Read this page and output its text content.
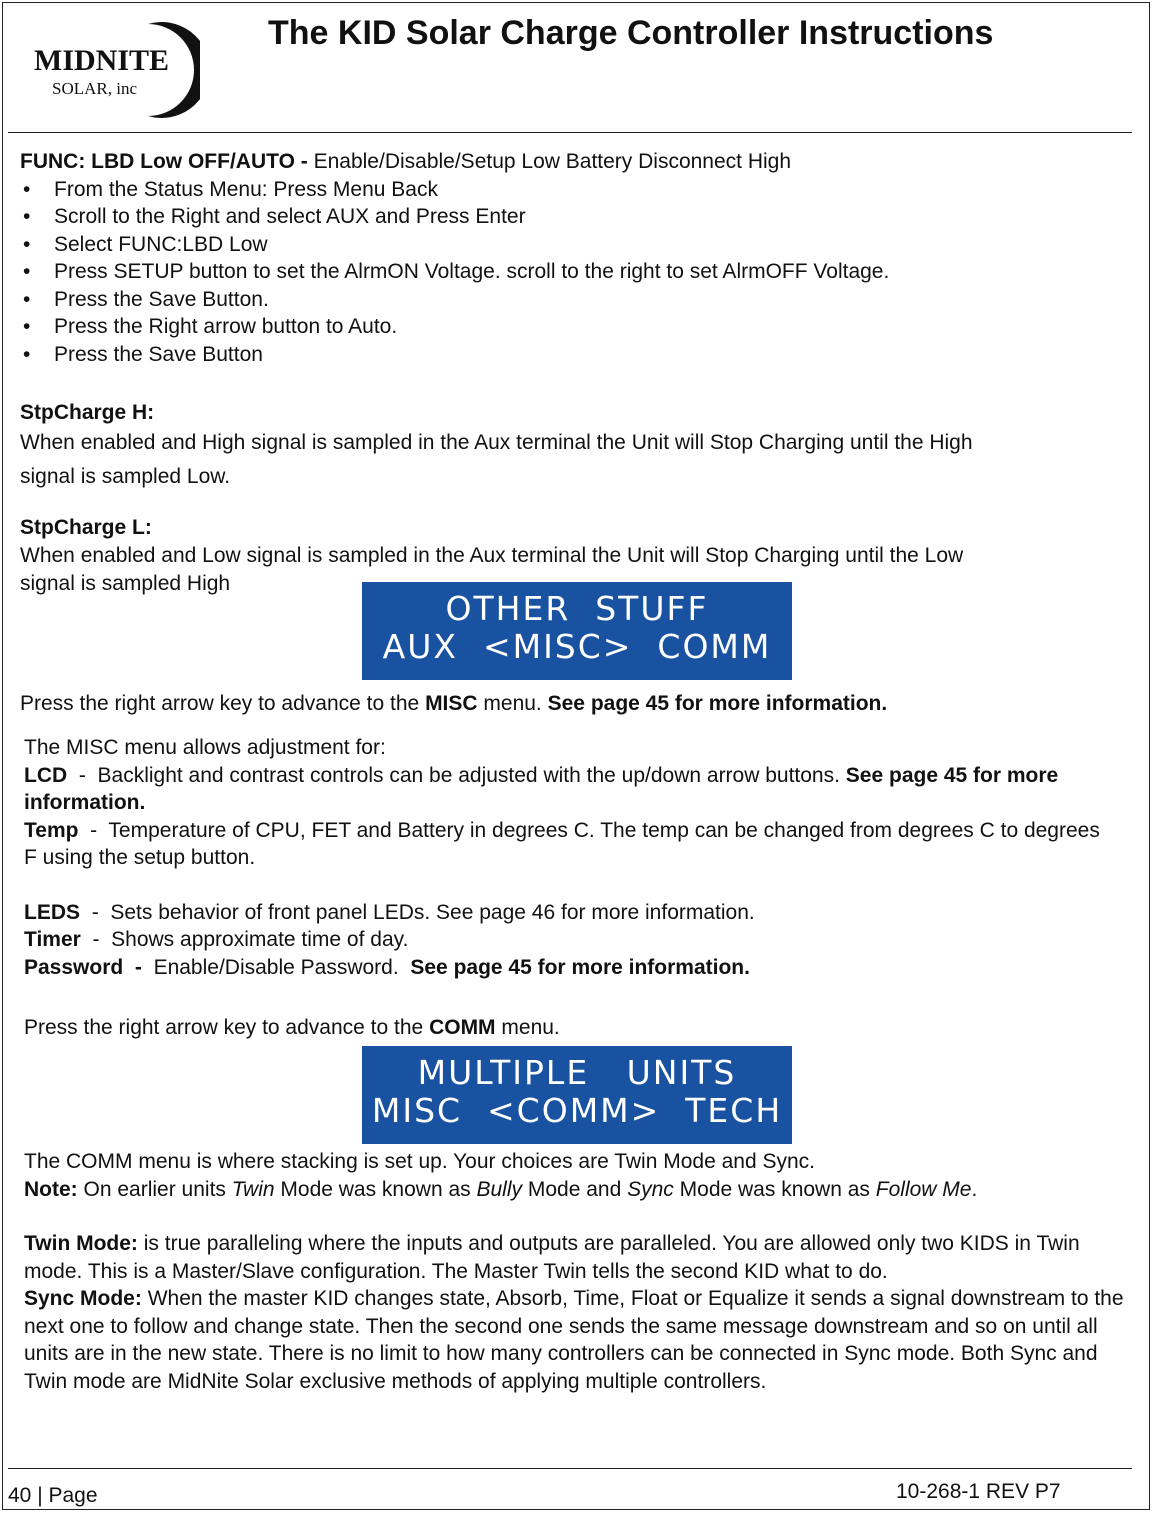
MIDNITE
SOLAR, inc
The KID Solar Charge Controller Instructions

FUNC: LBD Low OFF/AUTO - Enable/Disable/Setup Low Battery Disconnect High

• From the Status Menu: Press Menu Back

• Scroll to the Right and select AUX and Press Enter

• Select FUNC:LBD Low

• Press SETUP button to set the AlrmON Voltage. scroll to the right to set AlrmOFF Voltage.

• Press the Save Button.

• Press the Right arrow button to Auto.

• Press the Save Button

StpCharge H:

When enabled and High signal is sampled in the Aux terminal the Unit will Stop Charging until the High

signal is sampled Low.

StpCharge L:

When enabled and Low signal is sampled in the Aux terminal the Unit will Stop Charging until the Low

signal is sampled High

OTHER  STUFF
AUX  <MISC>  COMM

Press the right arrow key to advance to the MISC menu. See page 45 for more information.

The MISC menu allows adjustment for:

LCD - Backlight and contrast controls can be adjusted with the up/down arrow buttons. See page 45 for more information.

Temp - Temperature of CPU, FET and Battery in degrees C. The temp can be changed from degrees C to degrees F using the setup button.

LEDS - Sets behavior of front panel LEDs. See page 46 for more information.

Timer - Shows approximate time of day.

Password - Enable/Disable Password. See page 45 for more information.

Press the right arrow key to advance to the COMM menu.

MULTIPLE   UNITS
MISC  <COMM>  TECH

The COMM menu is where stacking is set up. Your choices are Twin Mode and Sync.

Note: On earlier units Twin Mode was known as Bully Mode and Sync Mode was known as Follow Me.

Twin Mode: is true paralleling where the inputs and outputs are paralleled. You are allowed only two KIDS in Twin mode. This is a Master/Slave configuration. The Master Twin tells the second KID what to do.

Sync Mode: When the master KID changes state, Absorb, Time, Float or Equalize it sends a signal downstream to the next one to follow and change state. Then the second one sends the same message downstream and so on until all units are in the new state. There is no limit to how many controllers can be connected in Sync mode. Both Sync and Twin mode are MidNite Solar exclusive methods of applying multiple controllers.

40 | Page	10-268-1 REV P7
